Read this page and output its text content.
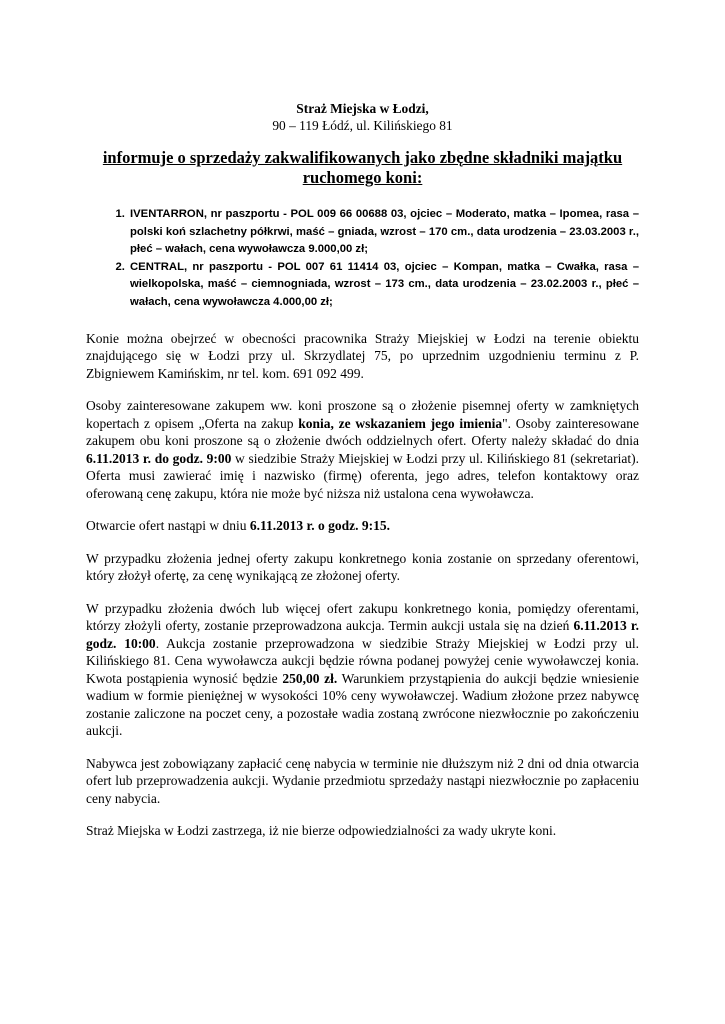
Straż Miejska w Łodzi,
90 – 119 Łódź, ul. Kilińskiego 81
informuje o sprzedaży zakwalifikowanych jako zbędne składniki majątku ruchomego koni:
1. IVENTARRON, nr paszportu - POL 009 66 00688 03, ojciec – Moderato, matka – Ipomea, rasa – polski koń szlachetny półkrwi, maść – gniada, wzrost – 170 cm., data urodzenia – 23.03.2003 r., płeć – wałach, cena wywoławcza 9.000,00 zł;
2. CENTRAL, nr paszportu - POL 007 61 11414 03, ojciec – Kompan, matka – Cwałka, rasa – wielkopolska, maść – ciemnogniada, wzrost – 173 cm., data urodzenia – 23.02.2003 r., płeć – wałach, cena wywoławcza 4.000,00 zł;
Konie można obejrzeć w obecności pracownika Straży Miejskiej w Łodzi na terenie obiektu znajdującego się w Łodzi przy ul. Skrzydlatej 75, po uprzednim uzgodnieniu terminu z P. Zbigniewem Kamińskim, nr tel. kom. 691 092 499.
Osoby zainteresowane zakupem ww. koni proszone są o złożenie pisemnej oferty w zamkniętych kopertach z opisem „Oferta na zakup konia, ze wskazaniem jego imienia". Osoby zainteresowane zakupem obu koni proszone są o złożenie dwóch oddzielnych ofert. Oferty należy składać do dnia 6.11.2013 r. do godz. 9:00 w siedzibie Straży Miejskiej w Łodzi przy ul. Kilińskiego 81 (sekretariat). Oferta musi zawierać imię i nazwisko (firmę) oferenta, jego adres, telefon kontaktowy oraz oferowaną cenę zakupu, która nie może być niższa niż ustalona cena wywoławcza.
Otwarcie ofert nastąpi w dniu 6.11.2013 r. o godz. 9:15.
W przypadku złożenia jednej oferty zakupu konkretnego konia zostanie on sprzedany oferentowi, który złożył ofertę, za cenę wynikającą ze złożonej oferty.
W przypadku złożenia dwóch lub więcej ofert zakupu konkretnego konia, pomiędzy oferentami, którzy złożyli oferty, zostanie przeprowadzona aukcja. Termin aukcji ustala się na dzień 6.11.2013 r. godz. 10:00. Aukcja zostanie przeprowadzona w siedzibie Straży Miejskiej w Łodzi przy ul. Kilińskiego 81. Cena wywoławcza aukcji będzie równa podanej powyżej cenie wywoławczej konia. Kwota postąpienia wynosić będzie 250,00 zł. Warunkiem przystąpienia do aukcji będzie wniesienie wadium w formie pieniężnej w wysokości 10% ceny wywoławczej. Wadium złożone przez nabywcę zostanie zaliczone na poczet ceny, a pozostałe wadia zostaną zwrócone niezwłocznie po zakończeniu aukcji.
Nabywca jest zobowiązany zapłacić cenę nabycia w terminie nie dłuższym niż 2 dni od dnia otwarcia ofert lub przeprowadzenia aukcji. Wydanie przedmiotu sprzedaży nastąpi niezwłocznie po zapłaceniu ceny nabycia.
Straż Miejska w Łodzi zastrzega, iż nie bierze odpowiedzialności za wady ukryte koni.
